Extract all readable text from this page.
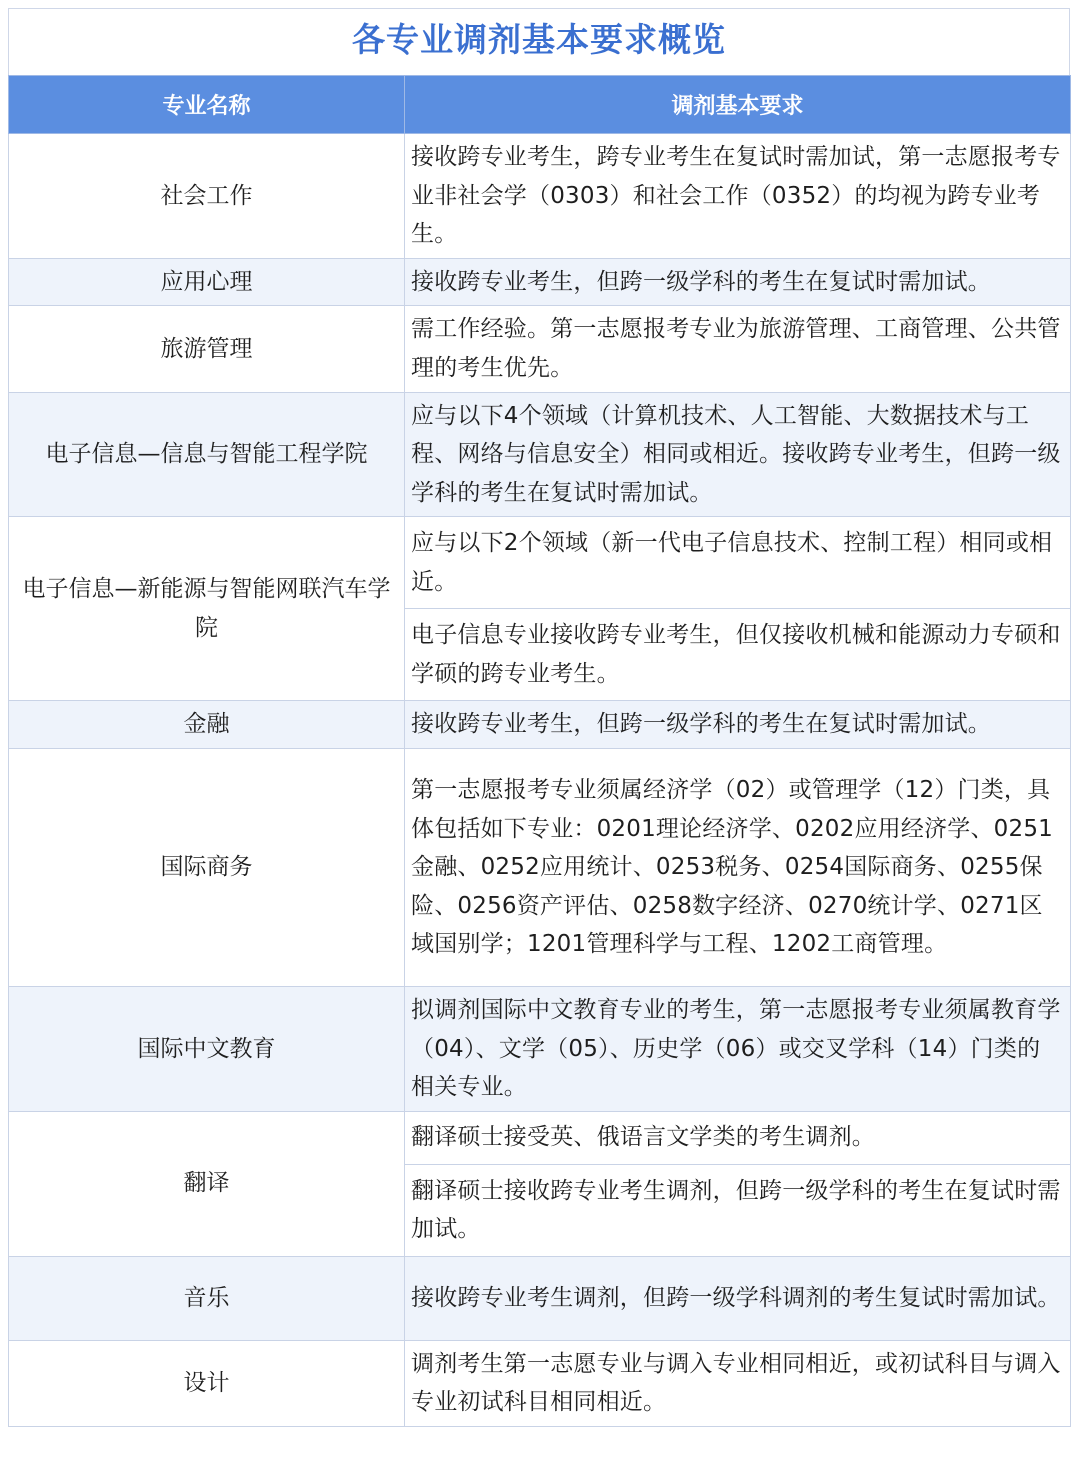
各专业调剂基本要求概览
专业名称	调剂基本要求
社会工作	接收跨专业考生，跨专业考生在复试时需加试，第一志愿报考专业非社会学（0303）和社会工作（0352）的均视为跨专业考生。
应用心理	接收跨专业考生，但跨一级学科的考生在复试时需加试。
旅游管理	需工作经验。第一志愿报考专业为旅游管理、工商管理、公共管理的考生优先。
电子信息—信息与智能工程学院	应与以下4个领域（计算机技术、人工智能、大数据技术与工程、网络与信息安全）相同或相近。接收跨专业考生，但跨一级学科的考生在复试时需加试。
电子信息—新能源与智能网联汽车学院	应与以下2个领域（新一代电子信息技术、控制工程）相同或相近。
	电子信息专业接收跨专业考生，但仅接收机械和能源动力专硕和学硕的跨专业考生。
金融	接收跨专业考生，但跨一级学科的考生在复试时需加试。
国际商务	第一志愿报考专业须属经济学（02）或管理学（12）门类，具体包括如下专业：0201理论经济学、0202应用经济学、0251金融、0252应用统计、0253税务、0254国际商务、0255保险、0256资产评估、0258数字经济、0270统计学、0271区域国别学；1201管理科学与工程、1202工商管理。
国际中文教育	拟调剂国际中文教育专业的考生，第一志愿报考专业须属教育学（04）、文学（05）、历史学（06）或交叉学科（14）门类的相关专业。
翻译	翻译硕士接受英、俄语言文学类的考生调剂。
	翻译硕士接收跨专业考生调剂，但跨一级学科的考生在复试时需加试。
音乐	接收跨专业考生调剂，但跨一级学科调剂的考生复试时需加试。
设计	调剂考生第一志愿专业与调入专业相同相近，或初试科目与调入专业初试科目相同相近。
